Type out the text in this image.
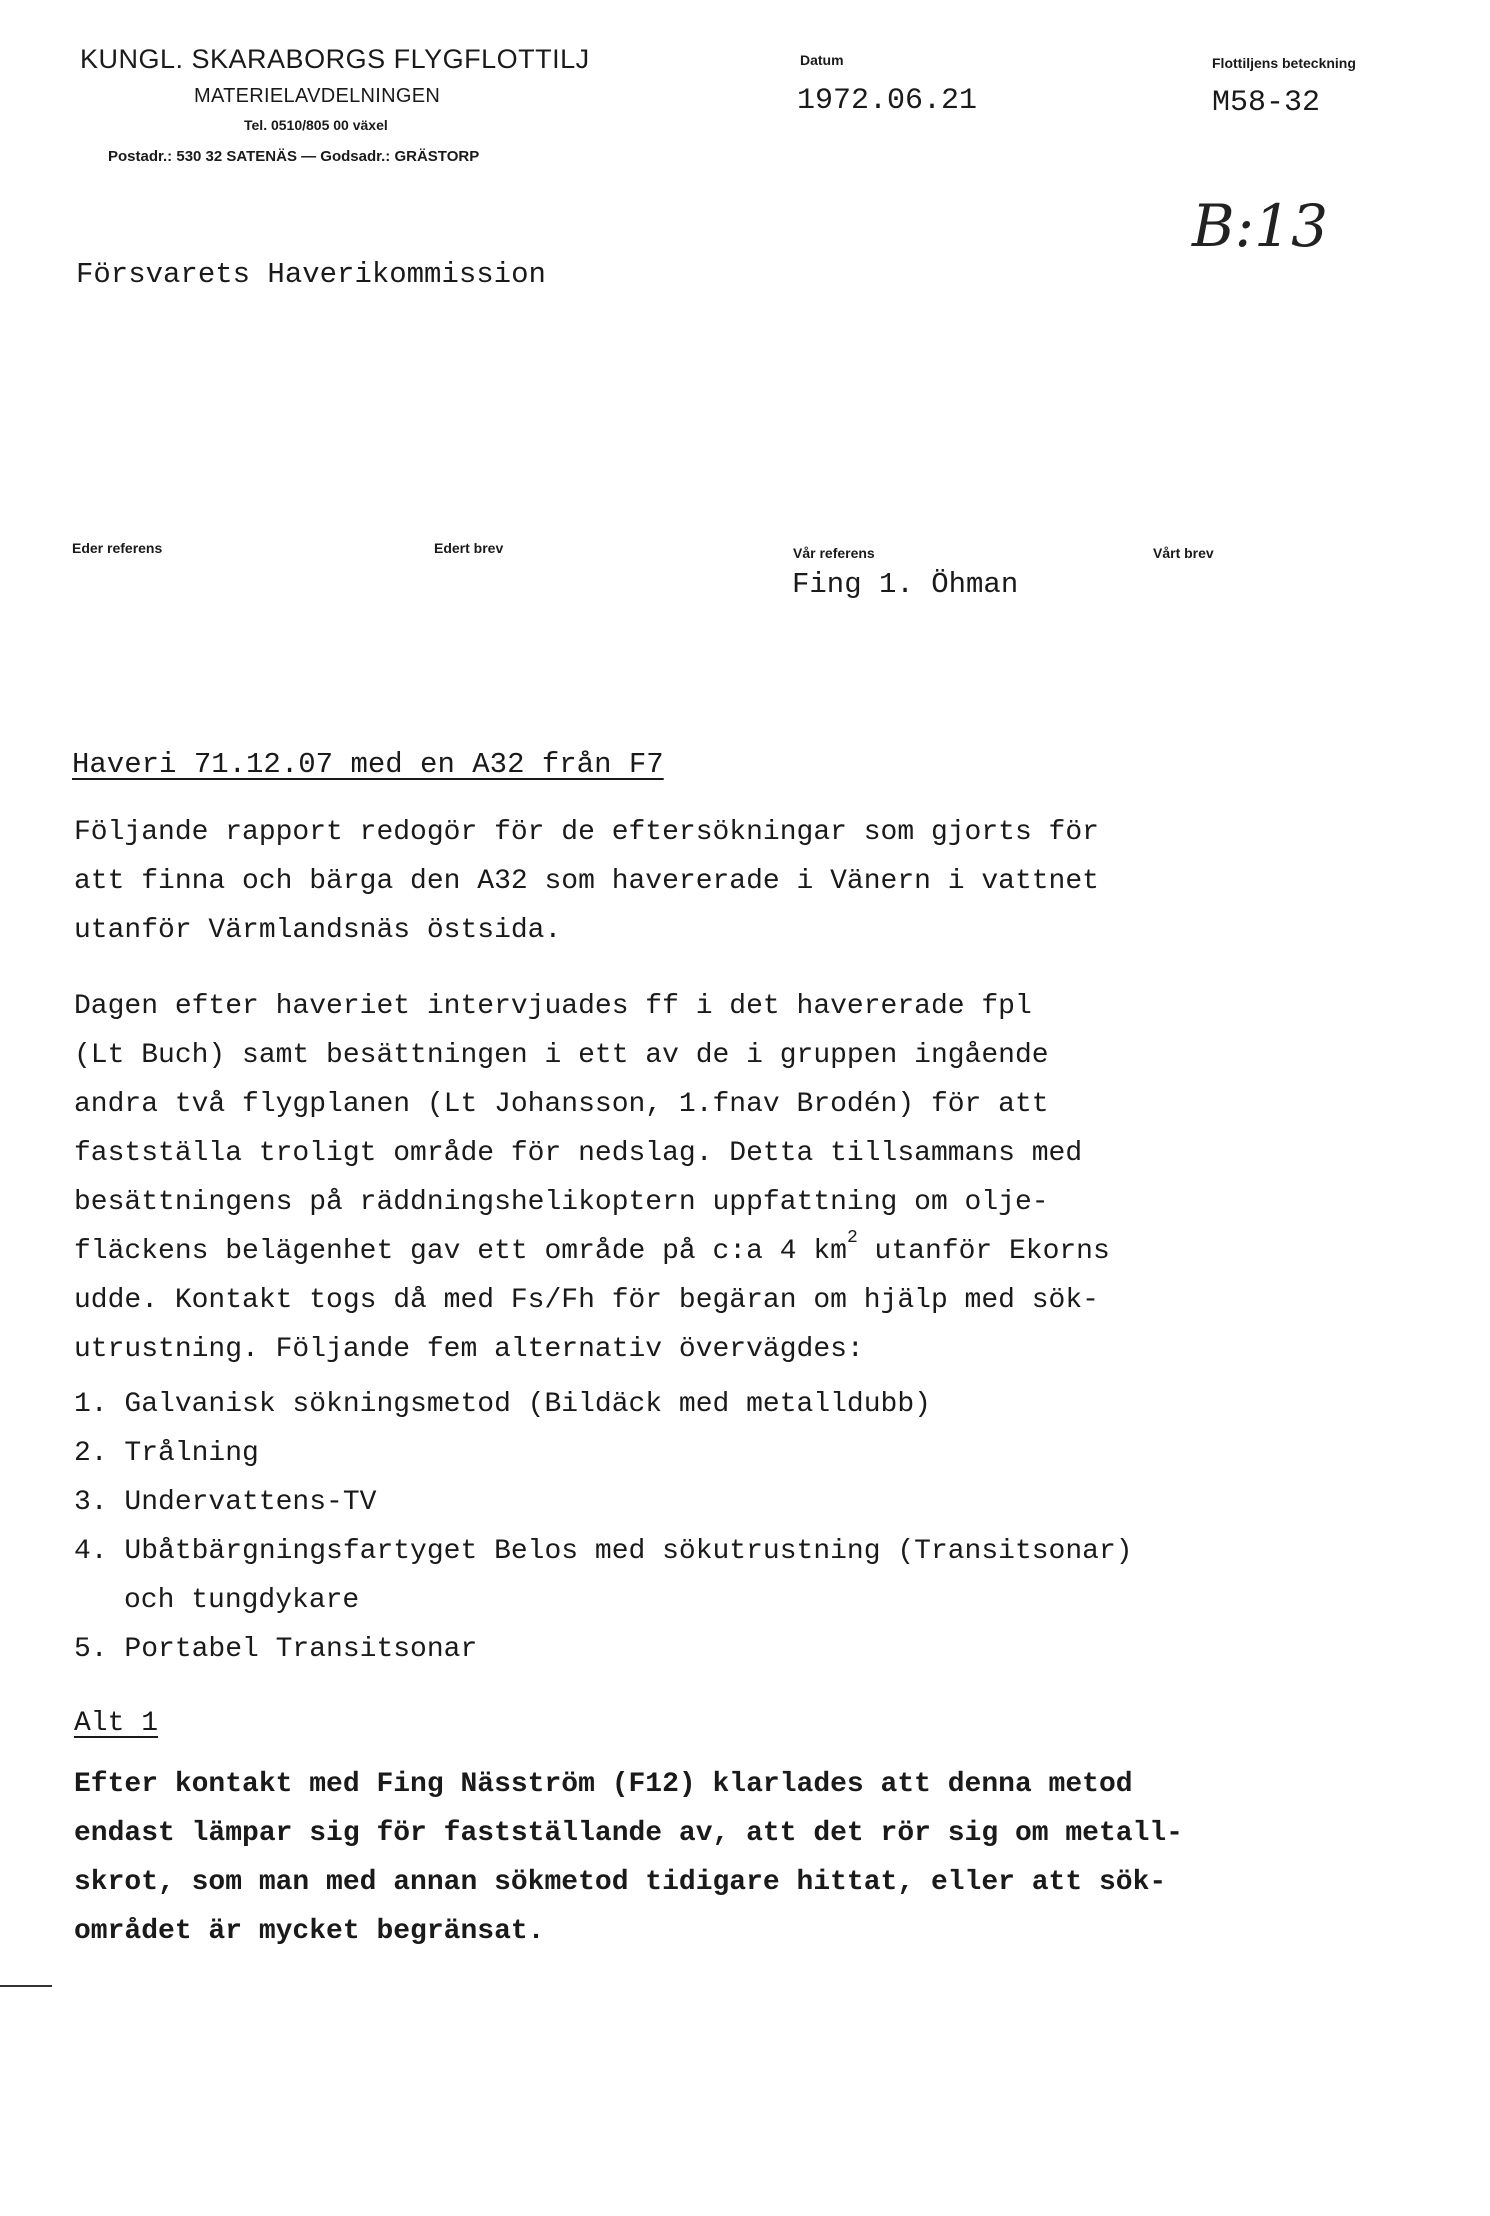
KUNGL. SKARABORGS FLYGFLOTTILJ
MATERIELAVDELNINGEN
Tel. 0510/805 00 växel
Postadr.: 530 32 SATENÄS — Godsadr.: GRÄSTORP
Datum
1972.06.21
Flottiljens beteckning
M58-32
B:13
Försvarets Haverikommission
Eder referens	Edert brev	Vår referens	Vårt brev
Fing 1. Öhman
Haveri 71.12.07 med en A32 från F7
Följande rapport redogör för de eftersökningar som gjorts för
att finna och bärga den A32 som havererade i Vänern i vattnet
utanför Värmlandsnäs östsida.
Dagen efter haveriet intervjuades ff i det havererade fpl
(Lt Buch) samt besättningen i ett av de i gruppen ingående
andra två flygplanen (Lt Johansson, 1.fnav Brodén) för att
fastställa troligt område för nedslag. Detta tillsammans med
besättningens på räddningshelikoptern uppfattning om olje-
fläckens belägenhet gav ett område på c:a 4 $km^2$ utanför Ekorns
udde. Kontakt togs då med Fs/Fh för begäran om hjälp med sök-
utrustning. Följande fem alternativ övervägdes:
1. Galvanisk sökningsmetod (Bildäck med metalldubb)
2. Trålning
3. Undervattens-TV
4. Ubåtbärgningsfartyget Belos med sökutrustning (Transitsonar)
och tungdykare
5. Portabel Transitsonar
Alt 1
Efter kontakt med Fing Näsström (F12) klarlades att denna metod
endast lämpar sig för fastställande av, att det rör sig om metall-
skrot, som man med annan sökmetod tidigare hittat, eller att sök-
området är mycket begränsat.
